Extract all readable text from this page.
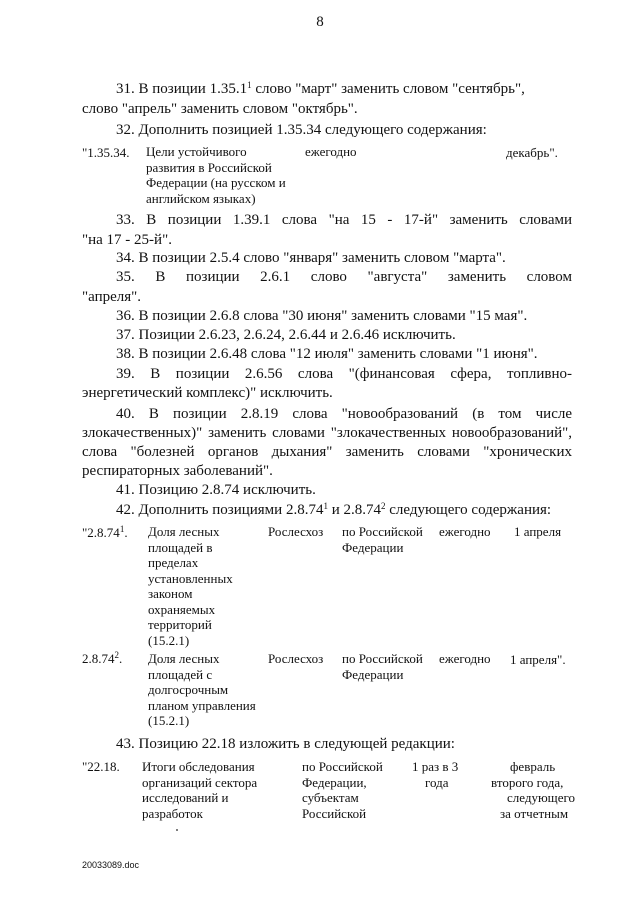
8
31. В позиции 1.35.1$^1$ слово "март" заменить словом "сентябрь",
слово "апрель" заменить словом "октябрь".
32. Дополнить позицией 1.35.34 следующего содержания:
"1.35.34. Цели устойчивого
развития в Российской
Федерации (на русском и
английском языках)
ежегодно	декабрь".
33. В позиции 1.39.1 слова "на 15 - 17-й" заменить словами
"на 17 - 25-й".
34. В позиции 2.5.4 слово "января" заменить словом "марта".
35. В позиции 2.6.1 слово "августа" заменить словом
"апреля".
36. В позиции 2.6.8 слова "30 июня" заменить словами "15 мая".
37. Позиции 2.6.23, 2.6.24, 2.6.44 и 2.6.46 исключить.
38. В позиции 2.6.48 слова "12 июля" заменить словами "1 июня".
39. В позиции 2.6.56 слова "(финансовая сфера, топливно-
энергетический комплекс)" исключить.
40. В позиции 2.8.19 слова "новообразований (в том числе
злокачественных)" заменить словами "злокачественных новообразований",
слова "болезней органов дыхания" заменить словами "хронических
респираторных заболеваний".
41. Позицию 2.8.74 исключить.
42. Дополнить позициями 2.8.74$^1$ и 2.8.74$^2$ следующего содержания:
"2.8.74$^1$. Доля лесных
площадей в
пределах
установленных
законом
охраняемых
территорий
(15.2.1)
Рослесхоз по Российской
Федерации
ежегодно 1 апреля
2.8.74$^2$. Доля лесных
площадей с
долгосрочным
планом управления
(15.2.1)
Рослесхоз по Российской
Федерации
ежегодно 1 апреля".
43. Позицию 22.18 изложить в следующей редакции:
"22.18. Итоги обследования
организаций сектора
исследований и
разработок
по Российской
Федерации,
субъектам
Российской
1 раз в 3
года
февраль
второго года,
следующего
за отчетным
20033089.doc
